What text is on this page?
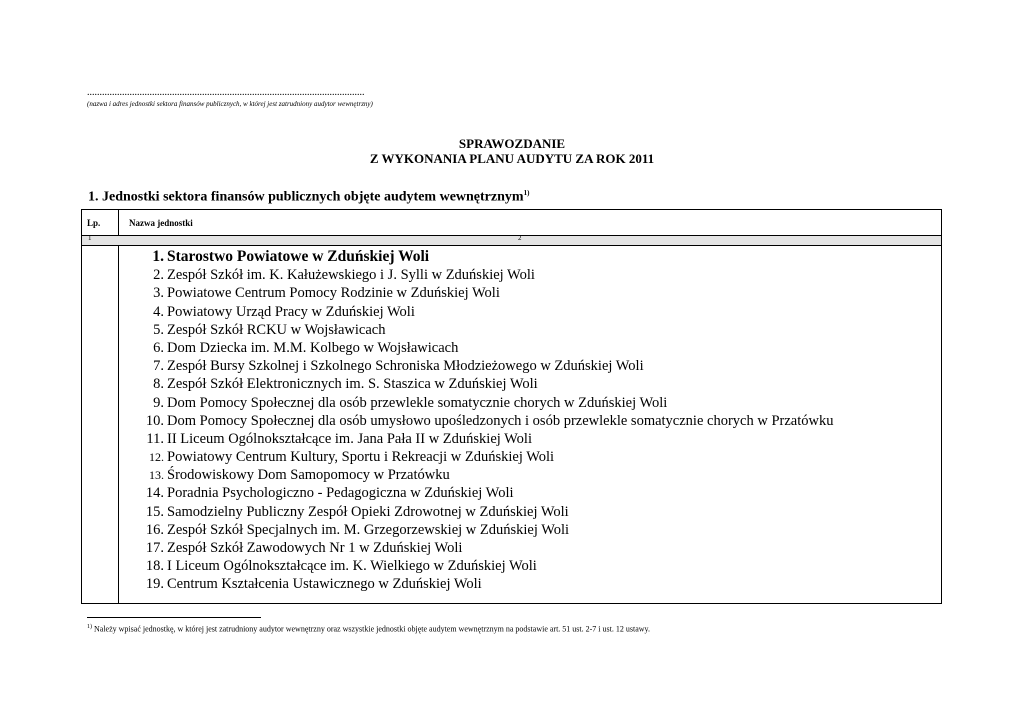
...............................................................................................................
(nazwa i adres jednostki sektora finansów publicznych, w której jest zatrudniony audytor wewnętrzny)
SPRAWOZDANIE
Z WYKONANIA PLANU AUDYTU ZA ROK 2011
1. Jednostki sektora finansów publicznych objęte audytem wewnętrznym$^{1)}$
Lp.	Nazwa jednostki
1	2
1. Starostwo Powiatowe w Zduńskiej Woli
2. Zespół Szkół im. K. Kałużewskiego i J. Sylli w Zduńskiej Woli
3. Powiatowe Centrum Pomocy Rodzinie w Zduńskiej Woli
4. Powiatowy Urząd Pracy w Zduńskiej Woli
5. Zespół Szkół RCKU w Wojsławicach
6. Dom Dziecka im. M.M. Kolbego w Wojsławicach
7. Zespół Bursy Szkolnej i Szkolnego Schroniska Młodzieżowego w Zduńskiej Woli
8. Zespół Szkół Elektronicznych im. S. Staszica w Zduńskiej Woli
9. Dom Pomocy Społecznej dla osób przewlekle somatycznie chorych w Zduńskiej Woli
10. Dom Pomocy Społecznej dla osób umysłowo upośledzonych i osób przewlekle somatycznie chorych w Przatówku
11. II Liceum Ogólnokształcące im. Jana Pała II w Zduńskiej Woli
12. Powiatowy Centrum Kultury, Sportu i Rekreacji w Zduńskiej Woli
13. Środowiskowy Dom Samopomocy w Przatówku
14. Poradnia Psychologiczno - Pedagogiczna w Zduńskiej Woli
15. Samodzielny Publiczny Zespół Opieki Zdrowotnej w Zduńskiej Woli
16. Zespół Szkół Specjalnych im. M. Grzegorzewskiej w Zduńskiej Woli
17. Zespół Szkół Zawodowych Nr 1 w Zduńskiej Woli
18. I Liceum Ogólnokształcące im. K. Wielkiego w Zduńskiej Woli
19. Centrum Kształcenia Ustawicznego w Zduńskiej Woli
$^{1)}$ Należy wpisać jednostkę, w której jest zatrudniony audytor wewnętrzny oraz wszystkie jednostki objęte audytem wewnętrznym na podstawie art. 51 ust. 2-7 i ust. 12 ustawy.
